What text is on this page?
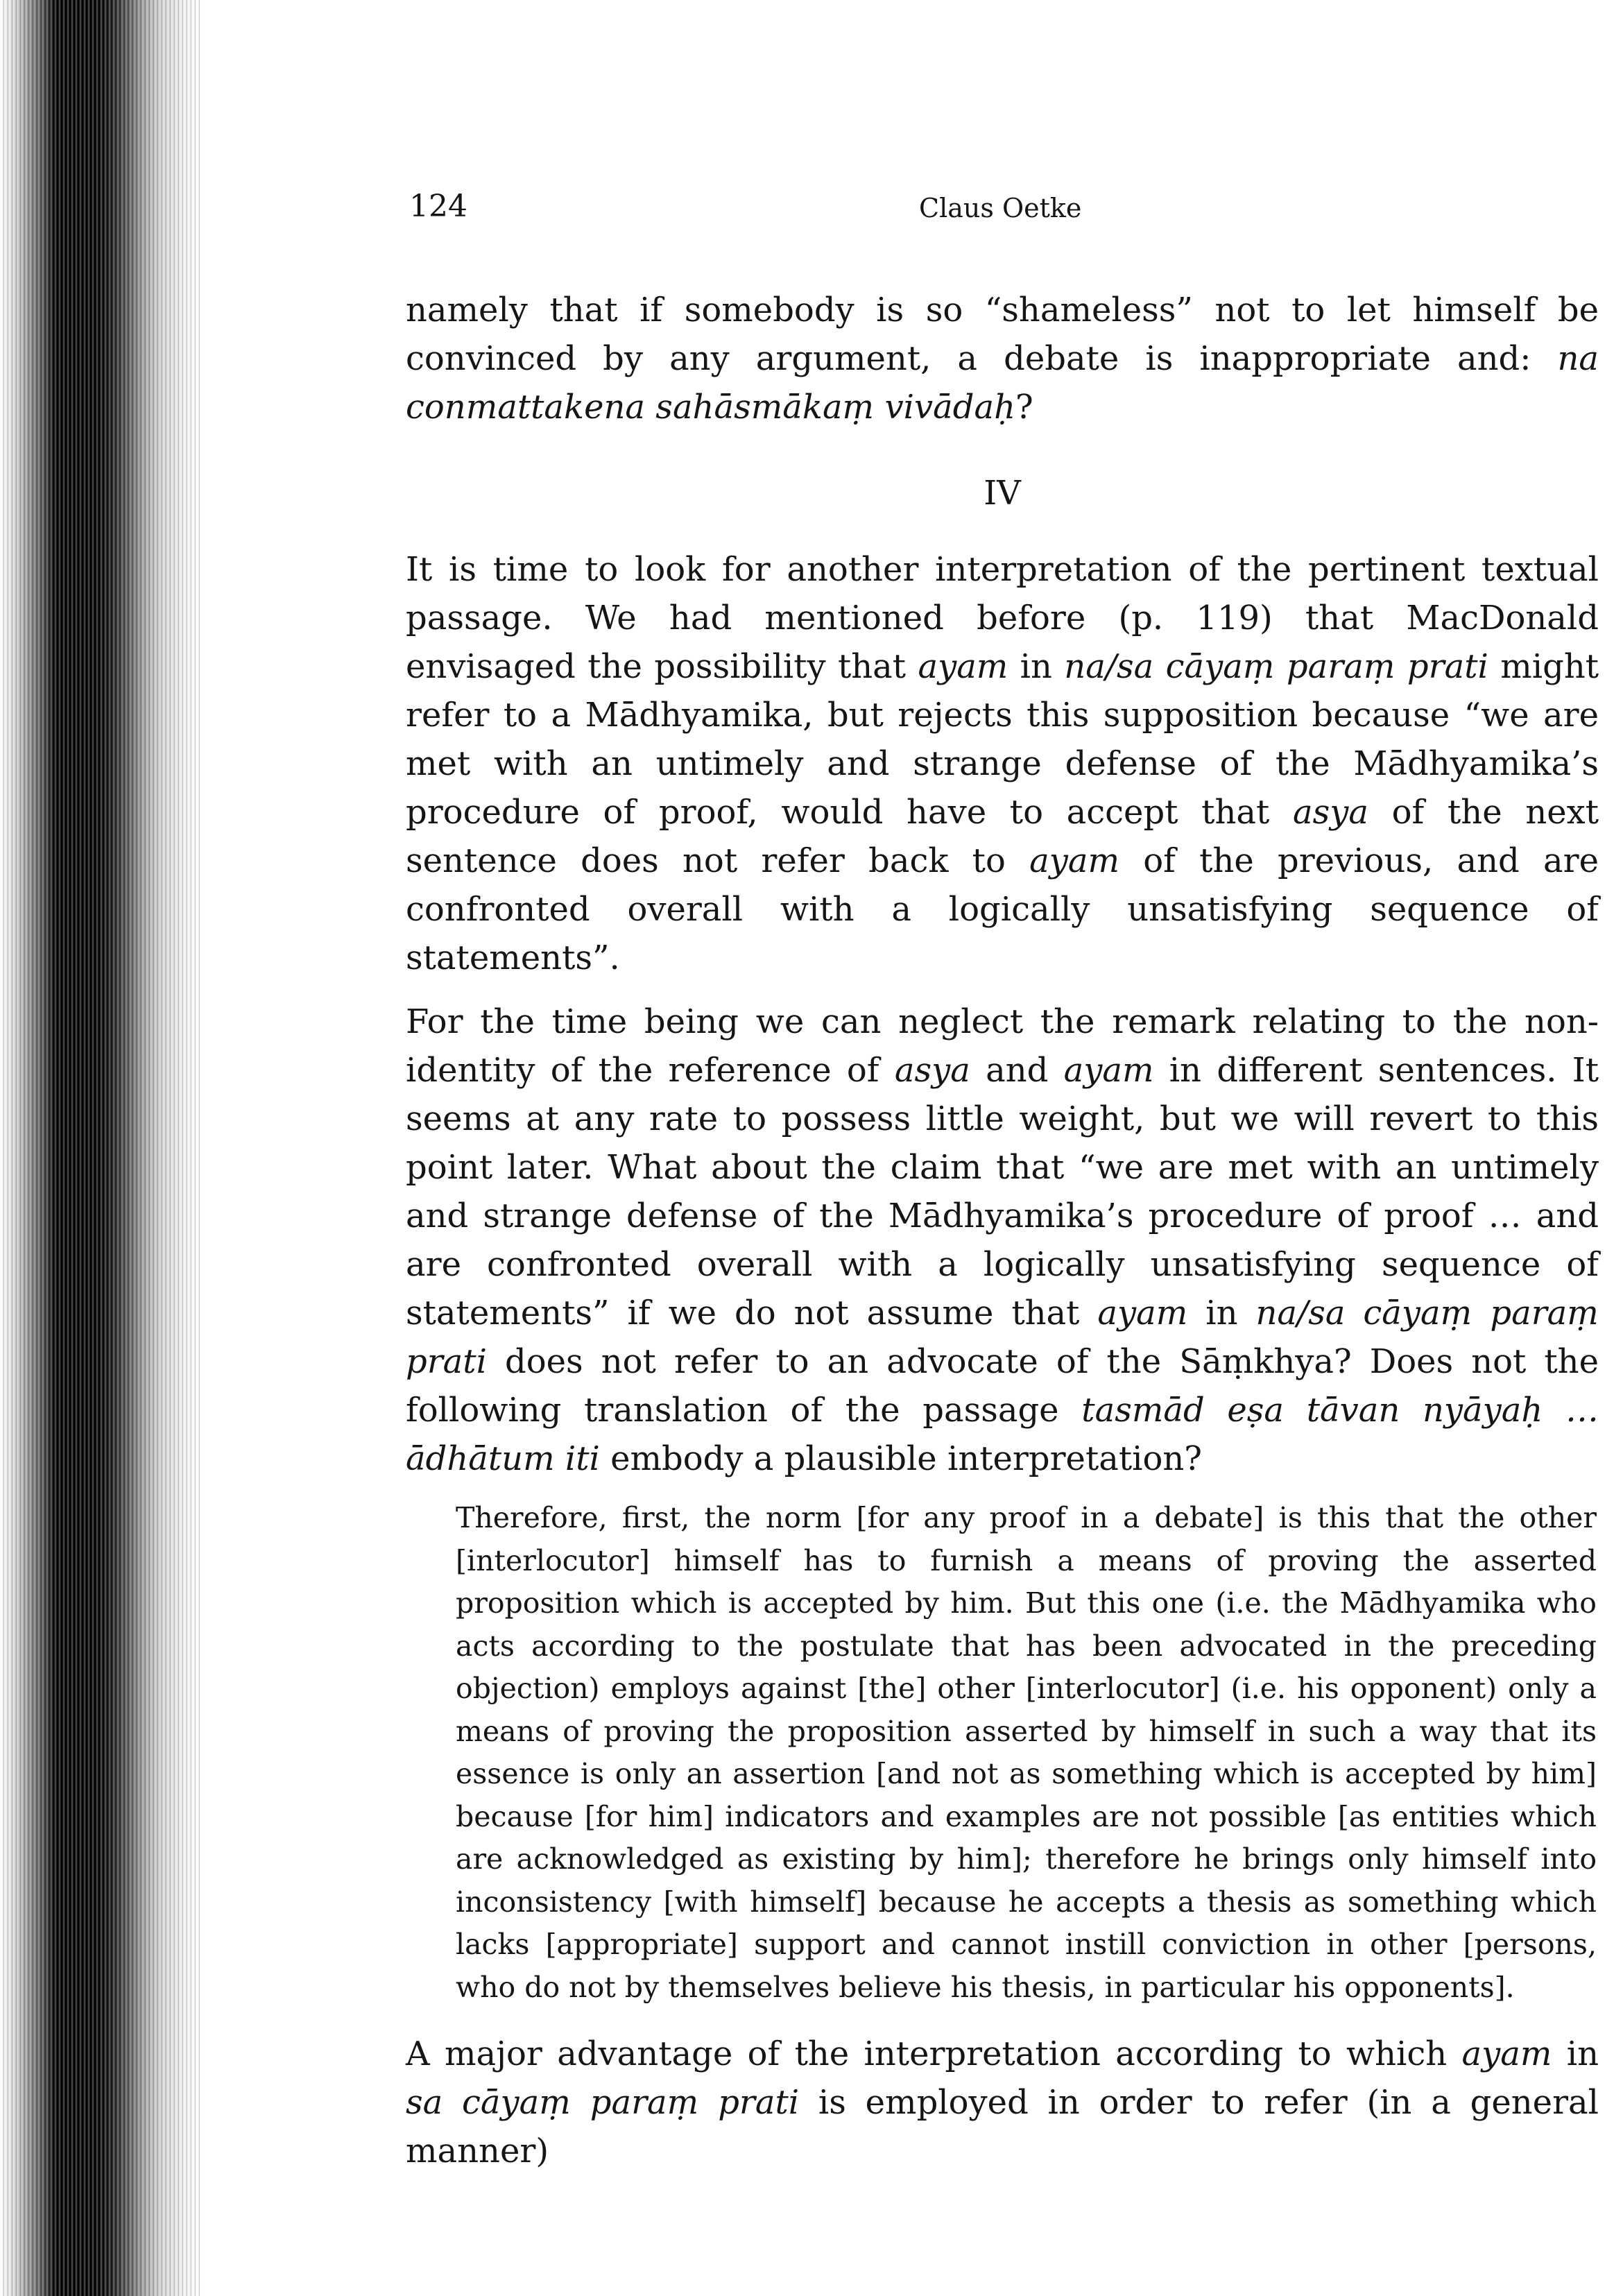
124	Claus Oetke

namely that if somebody is so “shameless” not to let himself be convinced by any argument, a debate is inappropriate and: na conmattakena sahāsmākaṃ vivādaḥ?

IV

It is time to look for another interpretation of the pertinent textual passage. We had mentioned before (p. 119) that MacDonald envisaged the possibility that ayam in na/sa cāyaṃ paraṃ prati might refer to a Mādhyamika, but rejects this supposition because “we are met with an untimely and strange defense of the Mādhyamika’s procedure of proof, would have to accept that asya of the next sentence does not refer back to ayam of the previous, and are confronted overall with a logically unsatisfying sequence of statements”.

For the time being we can neglect the remark relating to the non-identity of the reference of asya and ayam in different sentences. It seems at any rate to possess little weight, but we will revert to this point later. What about the claim that “we are met with an untimely and strange defense of the Mādhyamika’s procedure of proof … and are confronted overall with a logically unsatisfying sequence of statements” if we do not assume that ayam in na/sa cāyaṃ paraṃ prati does not refer to an advocate of the Sāṃkhya? Does not the following translation of the passage tasmād eṣa tāvan nyāyaḥ … ādhātum iti embody a plausible interpretation?

Therefore, first, the norm [for any proof in a debate] is this that the other [interlocutor] himself has to furnish a means of proving the asserted proposition which is accepted by him. But this one (i.e. the Mādhyamika who acts according to the postulate that has been advocated in the preceding objection) employs against [the] other [interlocutor] (i.e. his opponent) only a means of proving the proposition asserted by himself in such a way that its essence is only an assertion [and not as something which is accepted by him] because [for him] indicators and examples are not possible [as entities which are acknowledged as existing by him]; therefore he brings only himself into inconsistency [with himself] because he accepts a thesis as something which lacks [appropriate] support and cannot instill conviction in other [persons, who do not by themselves believe his thesis, in particular his opponents].

A major advantage of the interpretation according to which ayam in sa cāyaṃ paraṃ prati is employed in order to refer (in a general manner)
